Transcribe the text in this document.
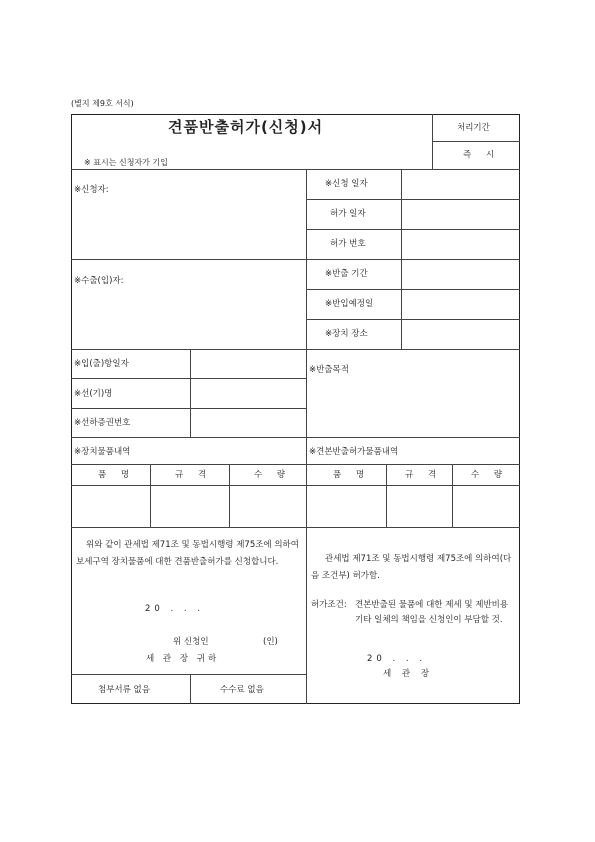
(별지 제9호 서식)
견품반출허가(신청)서
※ 표시는 신청자가 기입
처리기간
즉 시
※신청자:
※수출(입)자:
※신청 일자
허가 일자
허가 번호
※반출 기간
※반입예정일
※장치 장소
※입(출)항일자
※선(기)명
※선하증권번호
※반출목적
※장치물품내역	※견본반출허가물품내역
품 명	규 격	수 량	품 명	규 격	수 량
위와 같이 관세법 제71조 및 동법시행령 제75조에 의하여 보세구역 장치물품에 대한 견품반출허가를 신청합니다.
20 . . .
위 신청인	(인)
세 관 장 귀하
첨부서류 없음	수수료 없음
관세법 제71조 및 동법시행령 제75조에 의하여(다음 조건부) 허가함.
허가조건: 견본반출된 물품에 대한 제세 및 제반비용 기타 일체의 책임을 신청인이 부담할 것.
20 . . .
세 관 장
